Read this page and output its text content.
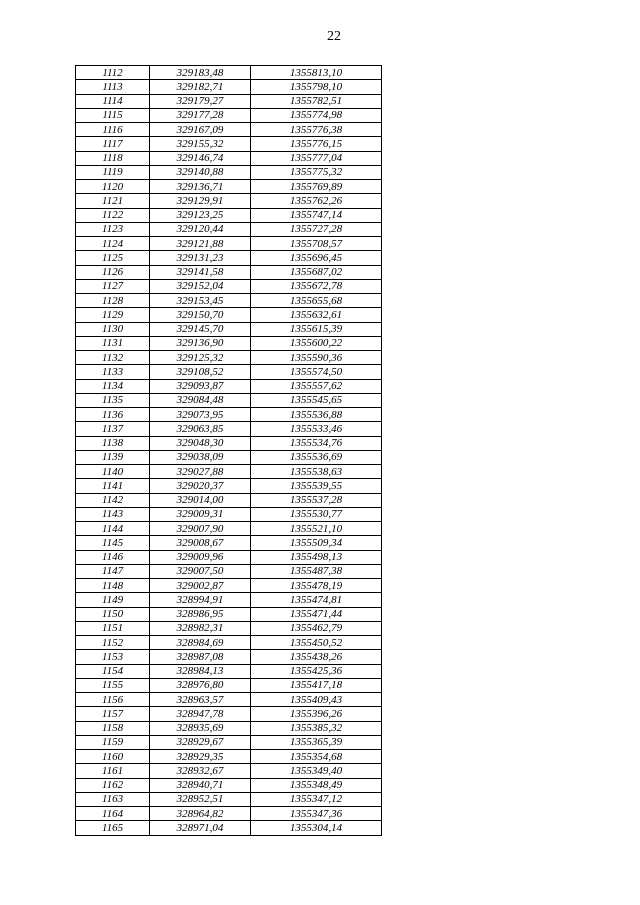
22
1112	329183,48	1355813,10
1113	329182,71	1355798,10
1114	329179,27	1355782,51
1115	329177,28	1355774,98
1116	329167,09	1355776,38
1117	329155,32	1355776,15
1118	329146,74	1355777,04
1119	329140,88	1355775,32
1120	329136,71	1355769,89
1121	329129,91	1355762,26
1122	329123,25	1355747,14
1123	329120,44	1355727,28
1124	329121,88	1355708,57
1125	329131,23	1355696,45
1126	329141,58	1355687,02
1127	329152,04	1355672,78
1128	329153,45	1355655,68
1129	329150,70	1355632,61
1130	329145,70	1355615,39
1131	329136,90	1355600,22
1132	329125,32	1355590,36
1133	329108,52	1355574,50
1134	329093,87	1355557,62
1135	329084,48	1355545,65
1136	329073,95	1355536,88
1137	329063,85	1355533,46
1138	329048,30	1355534,76
1139	329038,09	1355536,69
1140	329027,88	1355538,63
1141	329020,37	1355539,55
1142	329014,00	1355537,28
1143	329009,31	1355530,77
1144	329007,90	1355521,10
1145	329008,67	1355509,34
1146	329009,96	1355498,13
1147	329007,50	1355487,38
1148	329002,87	1355478,19
1149	328994,91	1355474,81
1150	328986,95	1355471,44
1151	328982,31	1355462,79
1152	328984,69	1355450,52
1153	328987,08	1355438,26
1154	328984,13	1355425,36
1155	328976,80	1355417,18
1156	328963,57	1355409,43
1157	328947,78	1355396,26
1158	328935,69	1355385,32
1159	328929,67	1355365,39
1160	328929,35	1355354,68
1161	328932,67	1355349,40
1162	328940,71	1355348,49
1163	328952,51	1355347,12
1164	328964,82	1355347,36
1165	328971,04	1355304,14
